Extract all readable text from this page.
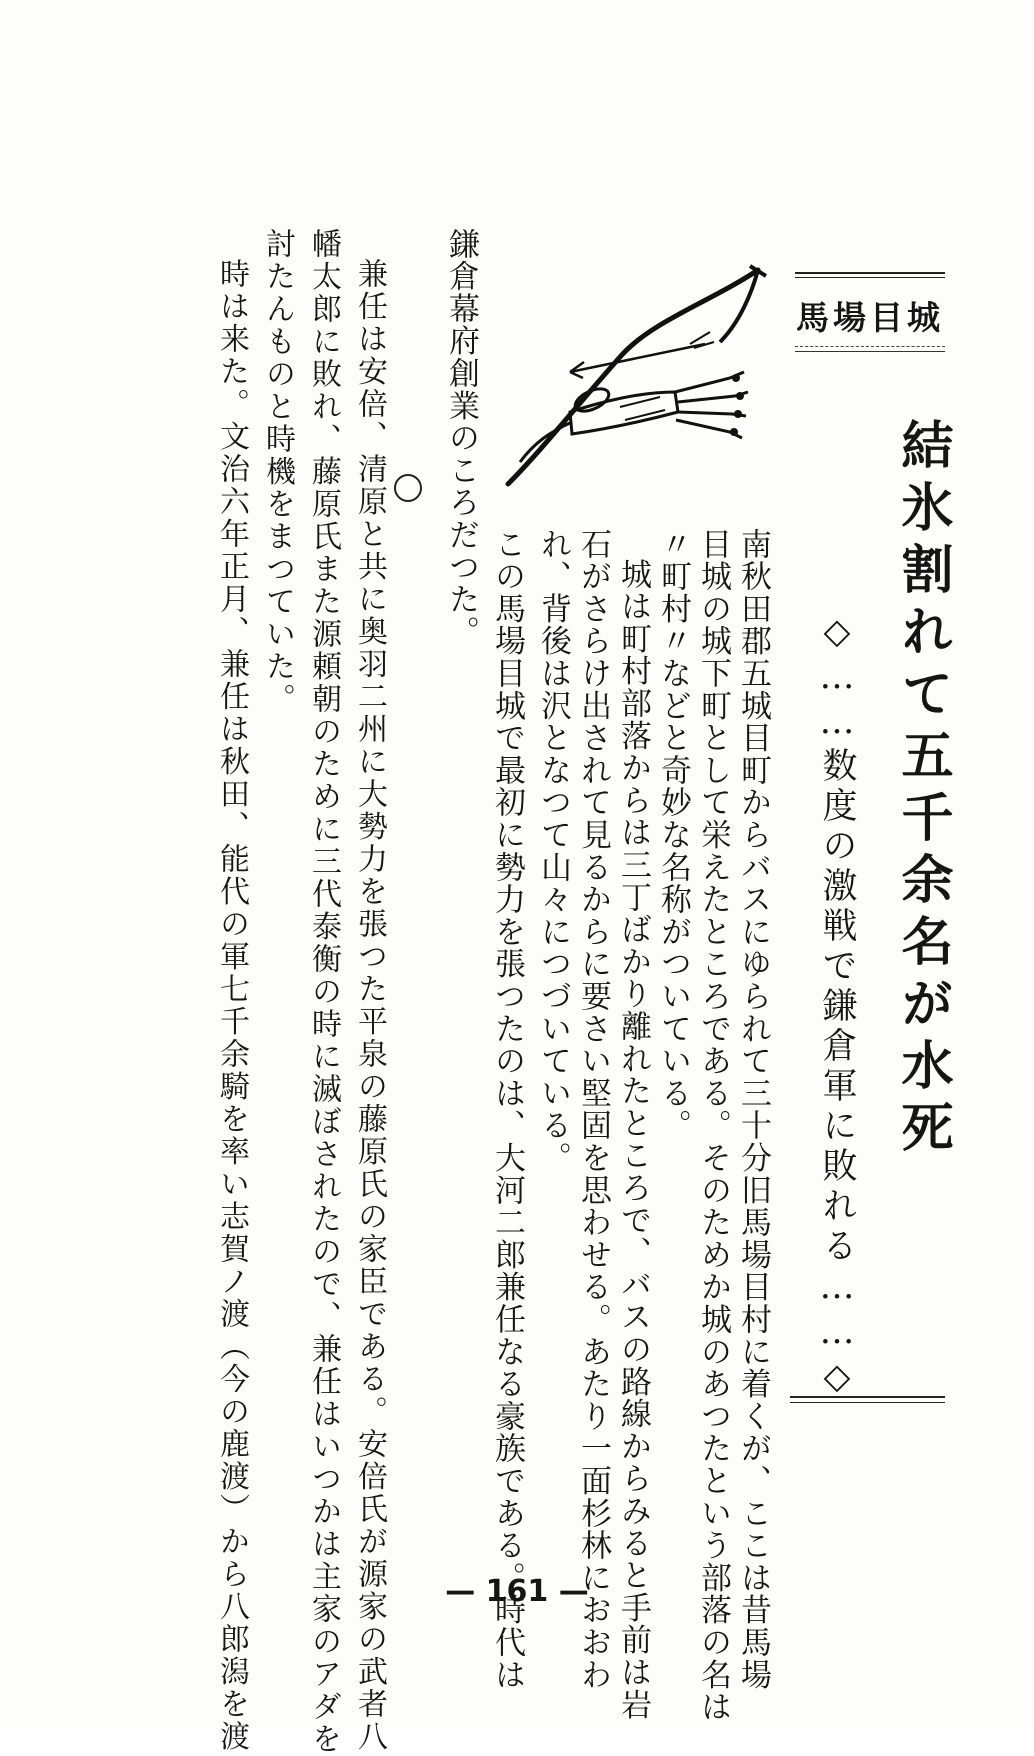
馬場目城
結氷割れて五千余名が水死
◇……数度の激戦で鎌倉軍に敗れる……◇
南秋田郡五城目町からバスにゆられて三十分旧馬場目村に着くが、ここは昔馬場
目城の城下町として栄えたところである。そのためか城のあつたという部落の名は
〃町村〃などと奇妙な名称がついている。
城は町村部落からは三丁ばかり離れたところで、バスの路線からみると手前は岩
石がさらけ出されて見るからに要さい堅固を思わせる。あたり一面杉林におおわ
れ、背後は沢となつて山々につづいている。
この馬場目城で最初に勢力を張つたのは、大河二郎兼任なる豪族である。時代は
鎌倉幕府創業のころだつた。
兼任は安倍、清原と共に奥羽二州に大勢力を張つた平泉の藤原氏の家臣である。安倍氏が源家の武者八
幡太郎に敗れ、藤原氏また源頼朝のために三代泰衡の時に滅ぼされたので、兼任はいつかは主家のアダを
討たんものと時機をまつていた。
時は来た。文治六年正月、兼任は秋田、能代の軍七千余騎を率い志賀ノ渡（今の鹿渡）から八郎潟を渡	— 161 —
